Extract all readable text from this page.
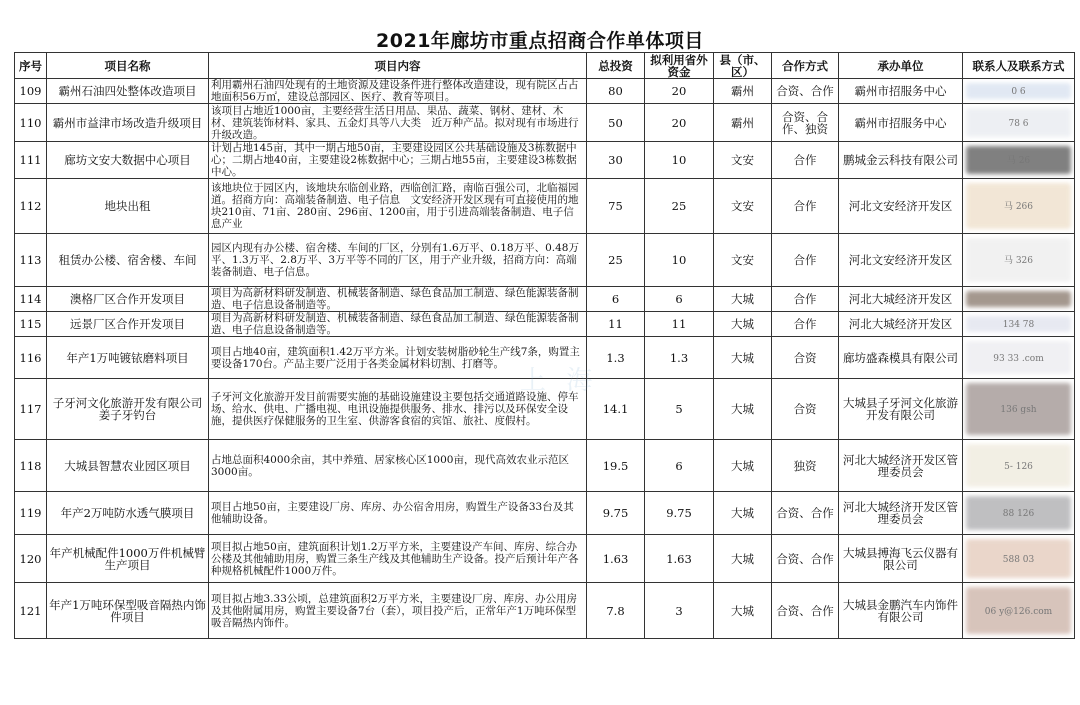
2021年廊坊市重点招商合作单体项目
序号	项目名称	项目内容	总投资	拟利用省外资金	县（市、区）	合作方式	承办单位	联系人及联系方式
109	霸州石油四处整体改造项目	利用霸州石油四处现有的土地资源及建设条件进行整体改造建设，现有院区占占地面积56万㎡，建设总部园区、医疗、教育等项目。	80	20	霸州	合资、合作	霸州市招服务中心	0 6
110	霸州市益津市场改造升级项目	该项目占地近1000亩，主要经营生活日用品、果品、蔬菜、钢材、建材、木材、建筑装饰材料、家具、五金灯具等八大类　近万种产品。拟对现有市场进行升级改造。	50	20	霸州	合资、合作、独资	霸州市招服务中心	78 6
111	廊坊文安大数据中心项目	计划占地145亩，其中一期占地50亩，主要建设园区公共基础设施及3栋数据中心；二期占地40亩，主要建设2栋数据中心；三期占地55亩，主要建设3栋数据中心。	30	10	文安	合作	鹏城金云科技有限公司	马 26
112	地块出租	该地块位于园区内，该地块东临创业路，西临创汇路，南临百强公司，北临福园道。招商方向：高端装备制造、电子信息　文安经济开发区现有可直接使用的地块210亩、71亩、280亩、296亩、1200亩，用于引进高端装备制造、电子信息产业	75	25	文安	合作	河北文安经济开发区	马 266
113	租赁办公楼、宿舍楼、车间	园区内现有办公楼、宿舍楼、车间的厂区，分别有1.6万平、0.18万平、0.48万平、1.3万平、2.8万平、3万平等不同的厂区，用于产业升级，招商方向：高端装备制造、电子信息。	25	10	文安	合作	河北文安经济开发区	马 326
114	澳格厂区合作开发项目	项目为高新材料研发制造、机械装备制造、绿色食品加工制造、绿色能源装备制造、电子信息设备制造等。	6	6	大城	合作	河北大城经济开发区	

115	远景厂区合作开发项目	项目为高新材料研发制造、机械装备制造、绿色食品加工制造、绿色能源装备制造、电子信息设备制造等。	11	11	大城	合作	河北大城经济开发区	134 78
116	年产1万吨镀铱磨料项目	项目占地40亩，建筑面积1.42万平方米。计划安装树脂砂轮生产线7条，购置主要设备170台。产品主要广泛用于各类金属材料切割、打磨等。	1.3	1.3	大城	合资	廊坊盛森模具有限公司	93 33 .com
117	子牙河文化旅游开发有限公司姜子牙钓台	子牙河文化旅游开发目前需要实施的基础设施建设主要包括交通道路设施、停车场、给水、供电、广播电视、电讯设施提供服务、排水、排污以及环保安全设施，提供医疗保健服务的卫生室、供游客食宿的宾馆、旅社、度假村。	14.1	5	大城	合资	大城县子牙河文化旅游开发有限公司	136 gsh
118	大城县智慧农业园区项目	占地总面积4000余亩，其中养殖、居家核心区1000亩，现代高效农业示范区3000亩。	19.5	6	大城	独资	河北大城经济开发区管理委员会	5- 126
119	年产2万吨防水透气膜项目	项目占地50亩，主要建设厂房、库房、办公宿舍用房，购置生产设备33台及其他辅助设备。	9.75	9.75	大城	合资、合作	河北大城经济开发区管理委员会	88 126
120	年产机械配件1000万件机械臂生产项目	项目拟占地50亩，建筑面积计划1.2万平方米，主要建设产车间、库房、综合办公楼及其他辅助用房，购置三条生产线及其他辅助生产设备。投产后预计年产各种规格机械配件1000万件。	1.63	1.63	大城	合资、合作	大城县搏海飞云仪器有限公司	588 03
121	年产1万吨环保型吸音隔热内饰件项目	项目拟占地3.33公顷，总建筑面积2万平方米，主要建设厂房、库房、办公用房及其他附属用房，购置主要设备7台（套），项目投产后，正常年产1万吨环保型吸音隔热内饰件。	7.8	3	大城	合资、合作	大城县金鹏汽车内饰件有限公司	06 y@126.com
上 海
